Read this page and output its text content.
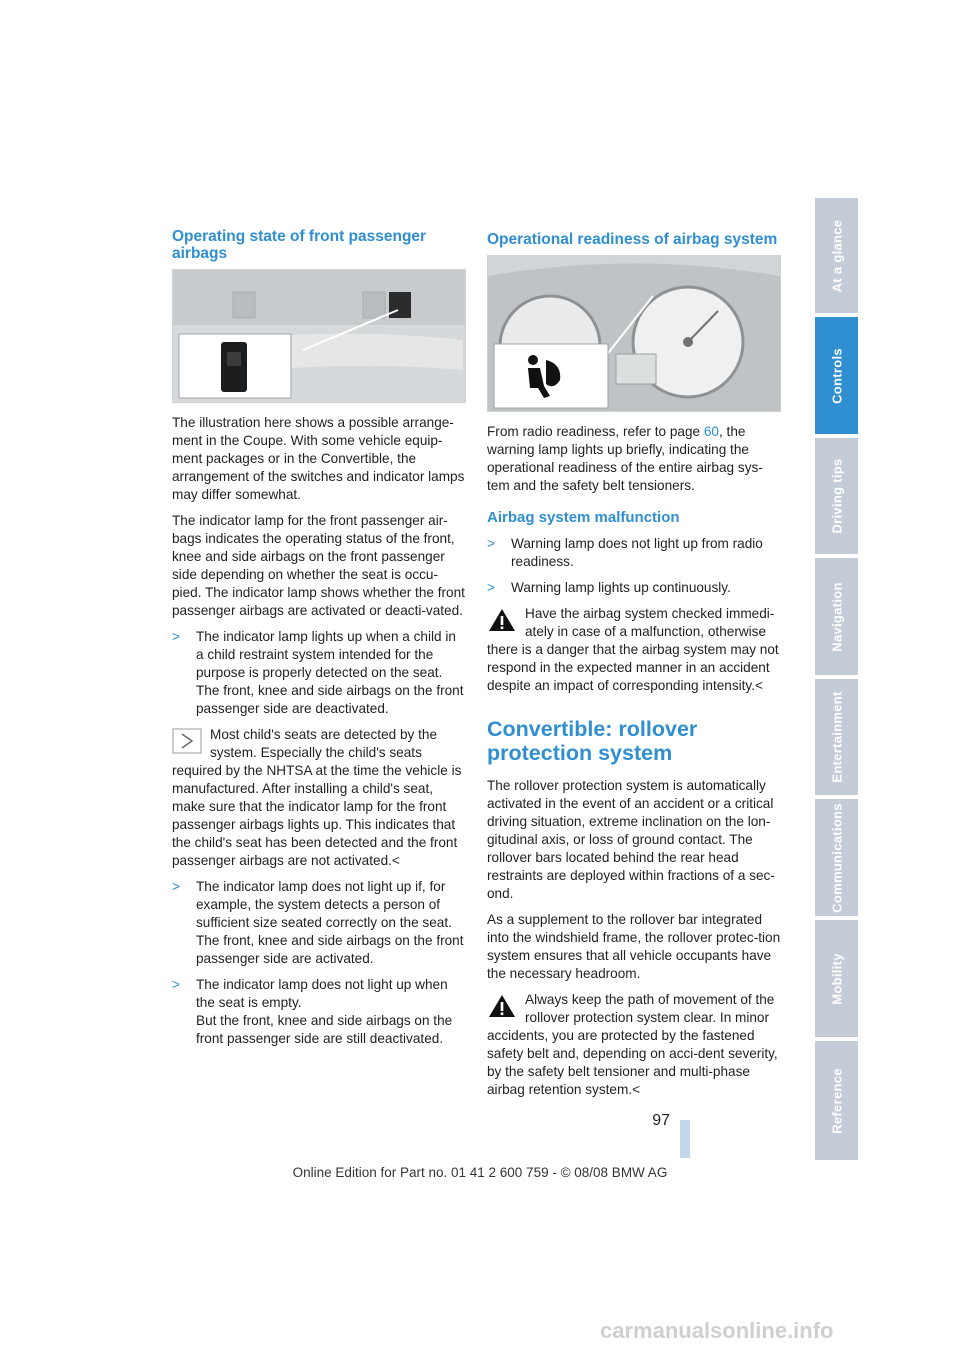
Operating state of front passenger airbags

The illustration here shows a possible arrange-ment in the Coupe. With some vehicle equip-ment packages or in the Convertible, the arrangement of the switches and indicator lamps may differ somewhat.

The indicator lamp for the front passenger air-bags indicates the operating status of the front, knee and side airbags on the front passenger side depending on whether the seat is occu-pied. The indicator lamp shows whether the front passenger airbags are activated or deacti-vated.

> The indicator lamp lights up when a child in a child restraint system intended for the purpose is properly detected on the seat. The front, knee and side airbags on the front passenger side are deactivated.
Most child's seats are detected by the system. Especially the child's seats required by the NHTSA at the time the vehicle is manufactured. After installing a child's seat, make sure that the indicator lamp for the front passenger airbags lights up. This indicates that the child's seat has been detected and the front passenger airbags are not activated.<
> The indicator lamp does not light up if, for example, the system detects a person of sufficient size seated correctly on the seat. The front, knee and side airbags on the front passenger side are activated.
> The indicator lamp does not light up when the seat is empty.
But the front, knee and side airbags on the front passenger side are still deactivated.
Operational readiness of airbag system

From radio readiness, refer to page 60, the warning lamp lights up briefly, indicating the operational readiness of the entire airbag sys-tem and the safety belt tensioners.

Airbag system malfunction
> Warning lamp does not light up from radio readiness.
> Warning lamp lights up continuously.
Have the airbag system checked immedi-ately in case of a malfunction, otherwise there is a danger that the airbag system may not respond in the expected manner in an accident despite an impact of corresponding intensity.<
Convertible: rollover protection system

The rollover protection system is automatically activated in the event of an accident or a critical driving situation, extreme inclination on the lon-gitudinal axis, or loss of ground contact. The rollover bars located behind the rear head restraints are deployed within fractions of a sec-ond.

As a supplement to the rollover bar integrated into the windshield frame, the rollover protec-tion system ensures that all vehicle occupants have the necessary headroom.

Always keep the path of movement of the rollover protection system clear. In minor accidents, you are protected by the fastened safety belt and, depending on acci-dent severity, by the safety belt tensioner and multi-phase airbag retention system.<
At a glance
Controls
Driving tips
Navigation
Entertainment
Communications
Mobility
Reference
97
Online Edition for Part no. 01 41 2 600 759 - © 08/08 BMW AG
carmanualsonline.info
